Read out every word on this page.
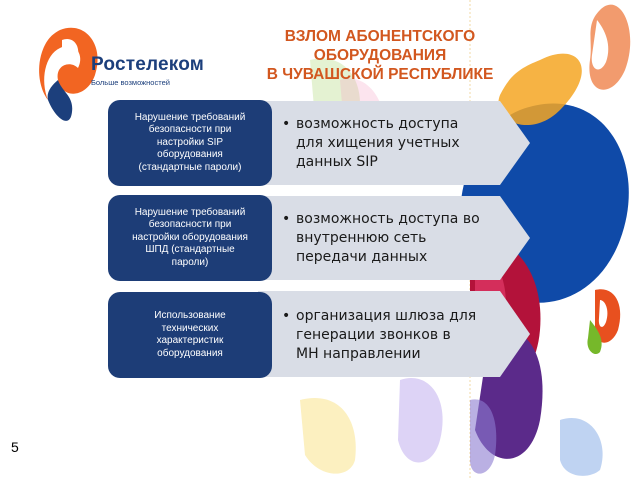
Ростелеком
Больше возможностей
ВЗЛОМ АБОНЕНТСКОГО
ОБОРУДОВАНИЯ
В ЧУВАШСКОЙ РЕСПУБЛИКЕ
Нарушение требований
безопасности при
настройки SIP
оборудования
(стандартные пароли)
• возможность доступа
для хищения учетных
данных SIP
Нарушение требований
безопасности при
настройки оборудования
ШПД (стандартные
пароли)
• возможность доступа во
внутреннюю сеть
передачи данных
Использование
технических
характеристик
оборудования
• организация шлюза для
генерации звонков в
МН направлении
5
